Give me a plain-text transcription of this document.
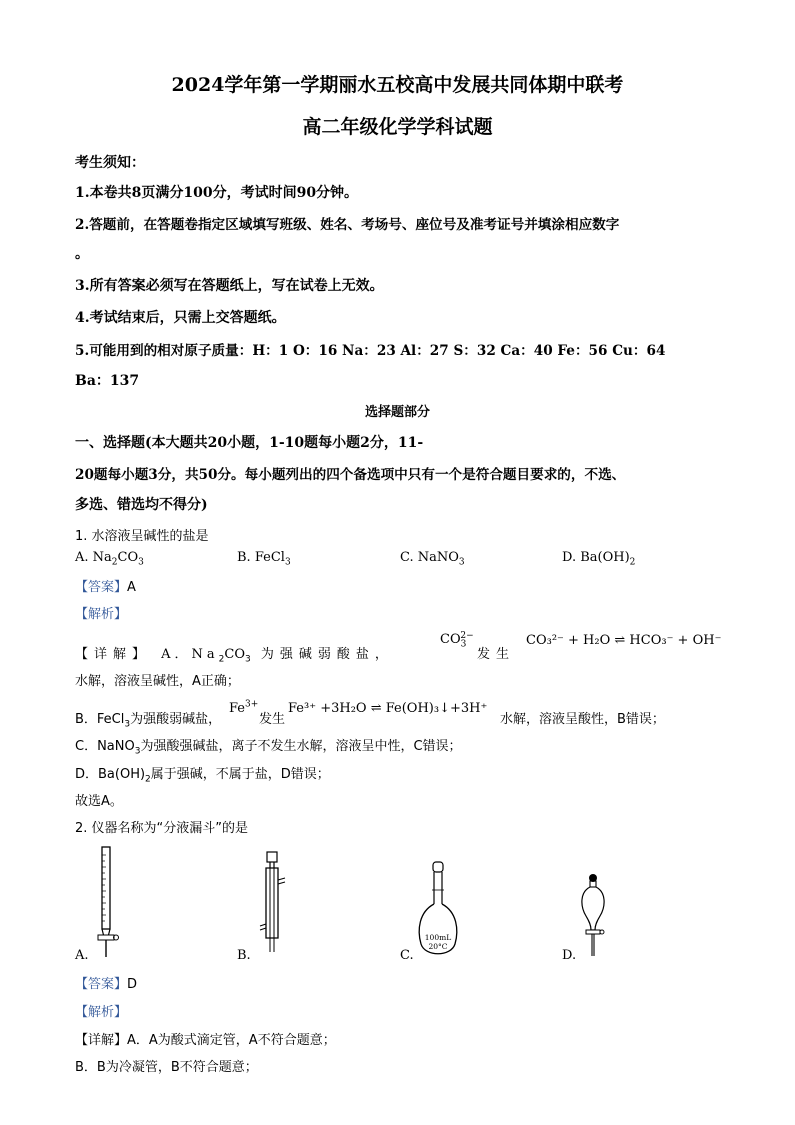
2024学年第一学期丽水五校高中发展共同体期中联考
高二年级化学学科试题
考生须知：
1.本卷共8页满分100分，考试时间90分钟。
2.答题前，在答题卷指定区域填写班级、姓名、考场号、座位号及准考证号并填涂相应数字
。
3.所有答案必须写在答题纸上，写在试卷上无效。
4.考试结束后，只需上交答题纸。
5.可能用到的相对原子质量：H：1 O：16 Na：23 Al：27 S：32 Ca：40 Fe：56 Cu：64
Ba：137
选择题部分
一、选择题(本大题共20小题，1-10题每小题2分，11-
20题每小题3分，共50分。每小题列出的四个备选项中只有一个是符合题目要求的，不选、
多选、错选均不得分)
1. 水溶液呈碱性的盐是
A. $Na_2CO_3$	B. FeCl$_3$	C. NaNO$_3$	D. $Ba(OH)_2$
【答案】A
【解析】
【详解】 A．$Na_2CO_3$ 为强碱弱酸盐，
$CO_3^{2-}$
发生
CO₃²⁻ + H₂O ⇌ HCO₃⁻ + OH⁻
水解，溶液呈碱性，A正确；
B．FeCl$_3$为强酸弱碱盐，
$Fe^{3+}$
发生
Fe³⁺ +3H₂O ⇌ Fe(OH)₃↓+3H⁺
水解，溶液呈酸性，B错误；
C．NaNO$_3$为强酸强碱盐，离子不发生水解，溶液呈中性，C错误；
D．$Ba(OH)_2$属于强碱，不属于盐，D错误；
故选A。
2. 仪器名称为“分液漏斗”的是
100mL
20°C
A.	B.	C.	D.
【答案】D
【解析】
【详解】A．A为酸式滴定管，A不符合题意；
B．B为冷凝管，B不符合题意；
